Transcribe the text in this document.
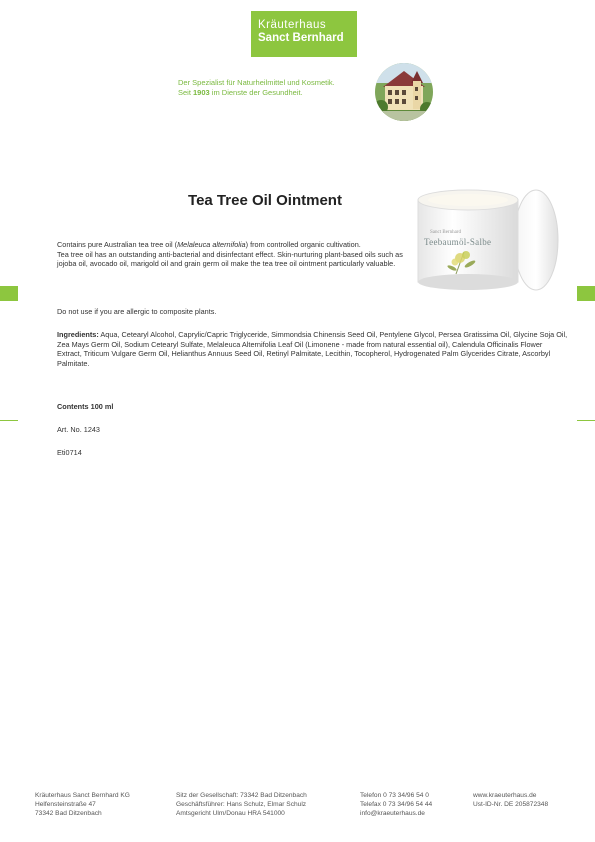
Kräuterhaus
Sanct Bernhard
Der Spezialist für Naturheilmittel und Kosmetik.
Seit 1903 im Dienste der Gesundheit.
Tea Tree Oil Ointment
Sanct Bernhard
Teebaumöl-Salbe
Contains pure Australian tea tree oil (Melaleuca alternifolia) from controlled organic cultivation.
Tea tree oil has an outstanding anti-bacterial and disinfectant effect. Skin-nurturing plant-based oils such as jojoba oil, avocado oil, marigold oil and grain germ oil make the tea tree oil ointment particularly valuable.
Do not use if you are allergic to composite plants.
Ingredients: Aqua, Cetearyl Alcohol, Caprylic/Capric Triglyceride, Simmondsia Chinensis Seed Oil, Pentylene Glycol, Persea Gratissima Oil, Glycine Soja Oil, Zea Mays Germ Oil, Sodium Cetearyl Sulfate, Melaleuca Alternifolia Leaf Oil (Limonene - made from natural essential oil), Calendula Officinalis Flower Extract, Triticum Vulgare Germ Oil, Helianthus Annuus Seed Oil, Retinyl Palmitate, Lecithin, Tocopherol, Hydrogenated Palm Glycerides Citrate, Ascorbyl Palmitate.
Contents 100 ml
Art. No. 1243
Eti0714
Kräuterhaus Sanct Bernhard KG
Helfensteinstraße 47
73342 Bad Ditzenbach
Sitz der Gesellschaft: 73342 Bad Ditzenbach
Geschäftsführer: Hans Schulz, Elmar Schulz
Amtsgericht Ulm/Donau HRA 541000
Telefon 0 73 34/96 54 0
Telefax 0 73 34/96 54 44
info@kraeuterhaus.de
www.kraeuterhaus.de
Ust-ID-Nr. DE 205872348
